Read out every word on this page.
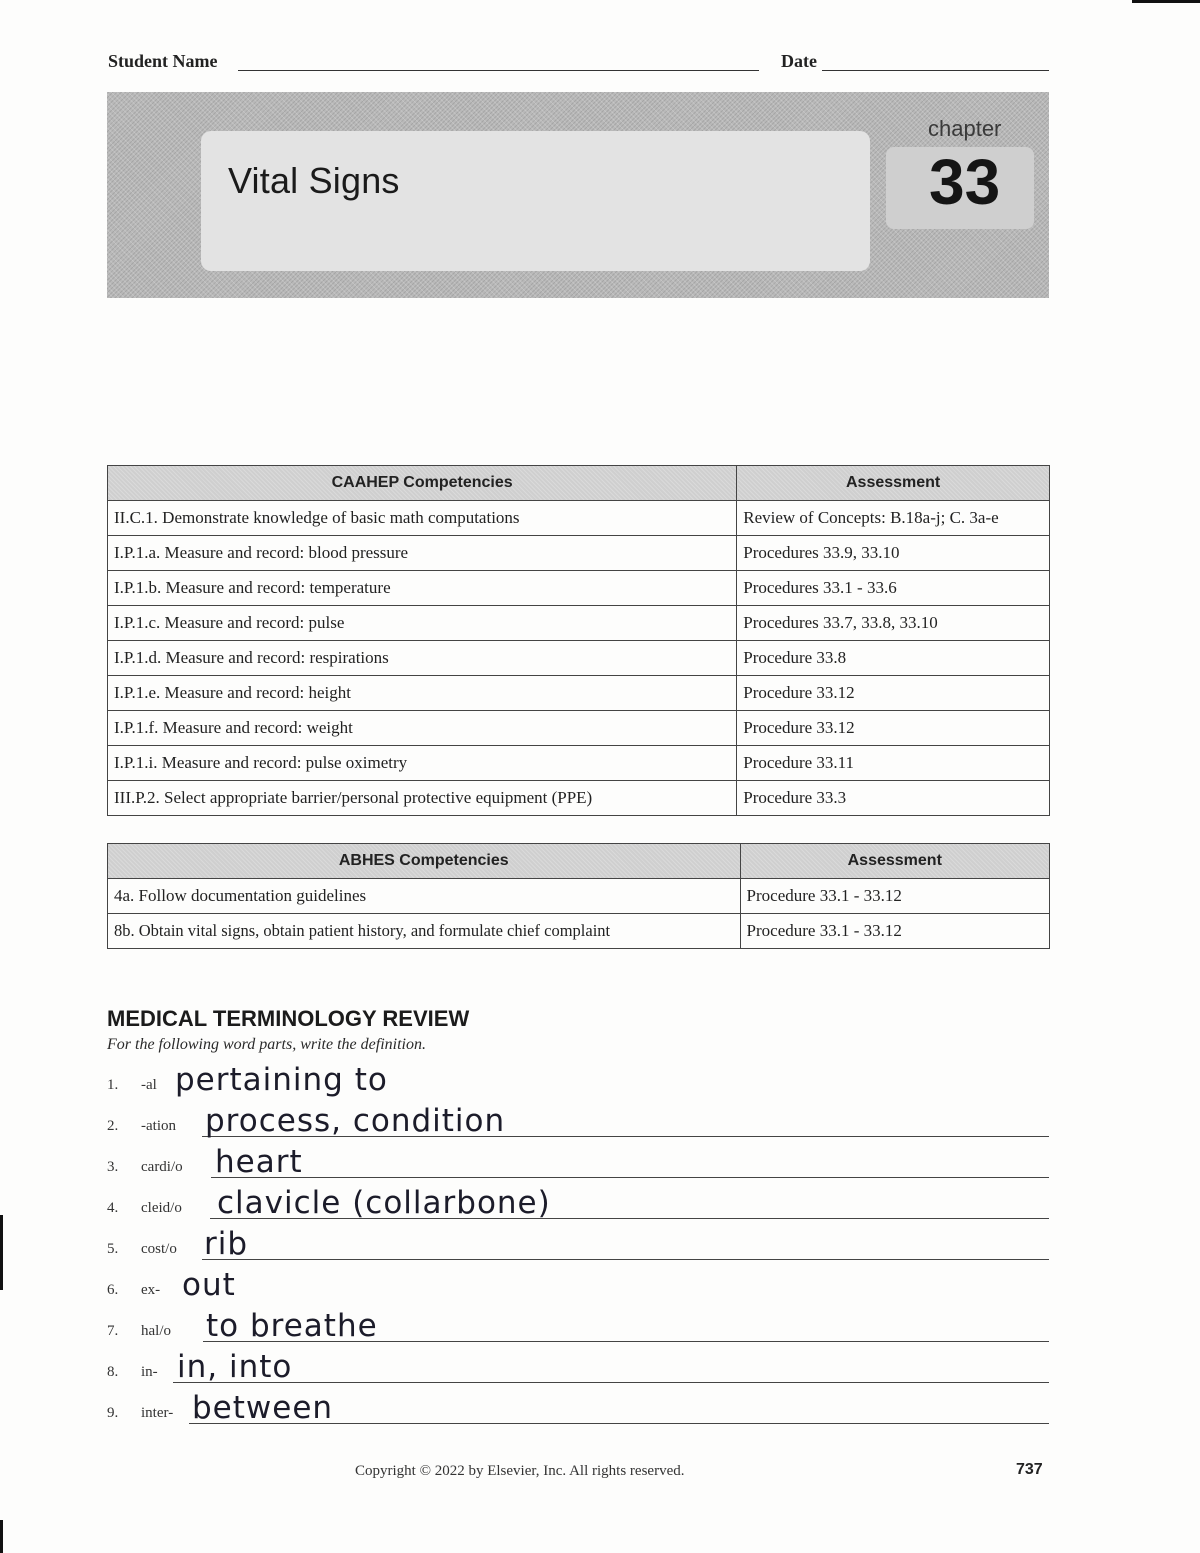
Student Name	Date
Vital Signs
chapter
33
CAAHEP Competencies	Assessment
II.C.1. Demonstrate knowledge of basic math computations	Review of Concepts: B.18a-j; C. 3a-e
I.P.1.a. Measure and record: blood pressure	Procedures 33.9, 33.10
I.P.1.b. Measure and record: temperature	Procedures 33.1 - 33.6
I.P.1.c. Measure and record: pulse	Procedures 33.7, 33.8, 33.10
I.P.1.d. Measure and record: respirations	Procedure 33.8
I.P.1.e. Measure and record: height	Procedure 33.12
I.P.1.f. Measure and record: weight	Procedure 33.12
I.P.1.i. Measure and record: pulse oximetry	Procedure 33.11
III.P.2. Select appropriate barrier/personal protective equipment (PPE)	Procedure 33.3
ABHES Competencies	Assessment
4a. Follow documentation guidelines	Procedure 33.1 - 33.12
8b. Obtain vital signs, obtain patient history, and formulate chief complaint	Procedure 33.1 - 33.12
MEDICAL TERMINOLOGY REVIEW
For the following word parts, write the definition.
1. -al pertaining to
2. -ation process, condition
3. cardi/o heart
4. cleid/o clavicle (collarbone)
5. cost/o rib
6. ex- out
7. hal/o to breathe
8. in- in, into
9. inter- between
Copyright © 2022 by Elsevier, Inc. All rights reserved.	737
